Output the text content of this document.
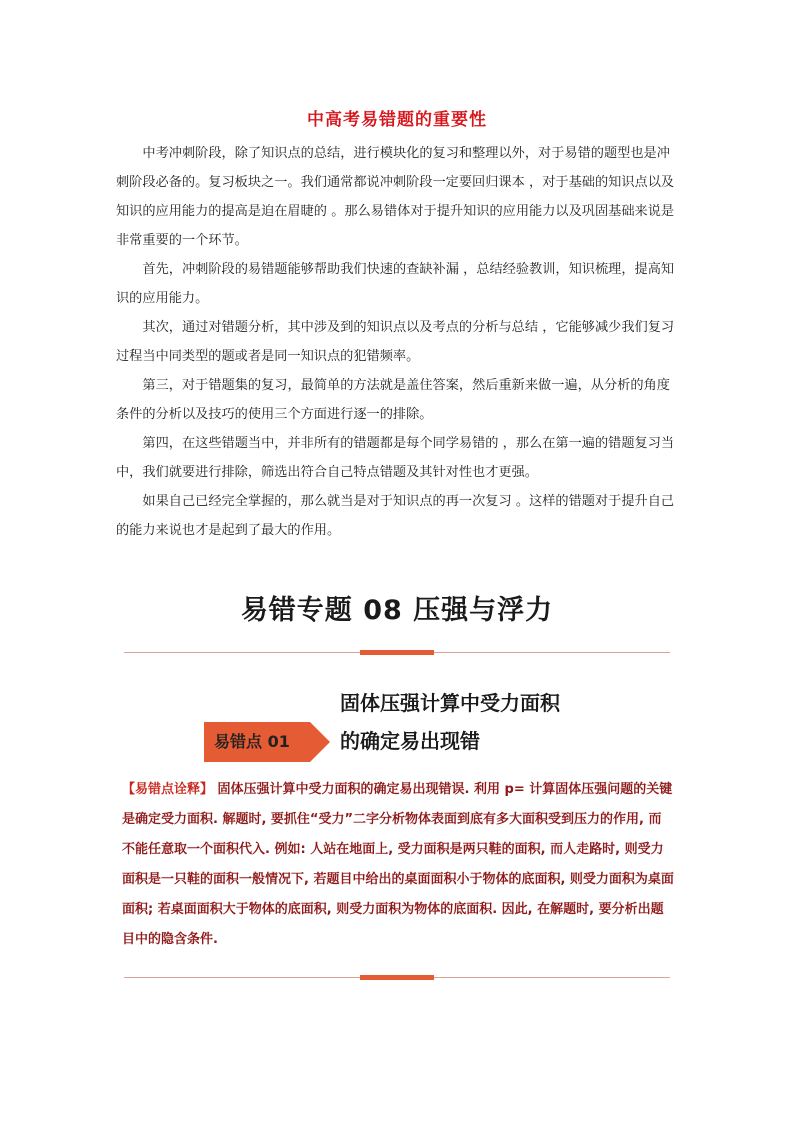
中高考易错题的重要性

中考冲刺阶段，除了知识点的总结，进行模块化的复习和整理以外，对于易错的题型也是冲刺阶段必备的。复习板块之一。我们通常都说冲刺阶段一定要回归课本 ，对于基础的知识点以及知识的应用能力的提高是迫在眉睫的 。那么易错体对于提升知识的应用能力以及巩固基础来说是非常重要的一个环节。

首先，冲刺阶段的易错题能够帮助我们快速的查缺补漏 ，总结经验教训，知识梳理，提高知识的应用能力。

其次，通过对错题分析，其中涉及到的知识点以及考点的分析与总结 ，它能够减少我们复习过程当中同类型的题或者是同一知识点的犯错频率。

第三，对于错题集的复习，最简单的方法就是盖住答案，然后重新来做一遍，从分析的角度条件的分析以及技巧的使用三个方面进行逐一的排除。

第四，在这些错题当中，并非所有的错题都是每个同学易错的 ，那么在第一遍的错题复习当中，我们就要进行排除，筛选出符合自己特点错题及其针对性也才更强。

如果自己已经完全掌握的，那么就当是对于知识点的再一次复习 。这样的错题对于提升自己的能力来说也才是起到了最大的作用。

易错专题 08 压强与浮力
固体压强计算中受力面积
的确定易出现错
易错点 01
【易错点诠释】 固体压强计算中受力面积的确定易出现错误. 利用 p= 计算固体压强问题的关键是确定受力面积. 解题时, 要抓住“受力”二字分析物体表面到底有多大面积受到压力的作用, 而不能任意取一个面积代入. 例如: 人站在地面上, 受力面积是两只鞋的面积, 而人走路时, 则受力面积是一只鞋的面积一般情况下, 若题目中给出的桌面面积小于物体的底面积, 则受力面积为桌面面积; 若桌面面积大于物体的底面积, 则受力面积为物体的底面积. 因此, 在解题时, 要分析出题目中的隐含条件.
